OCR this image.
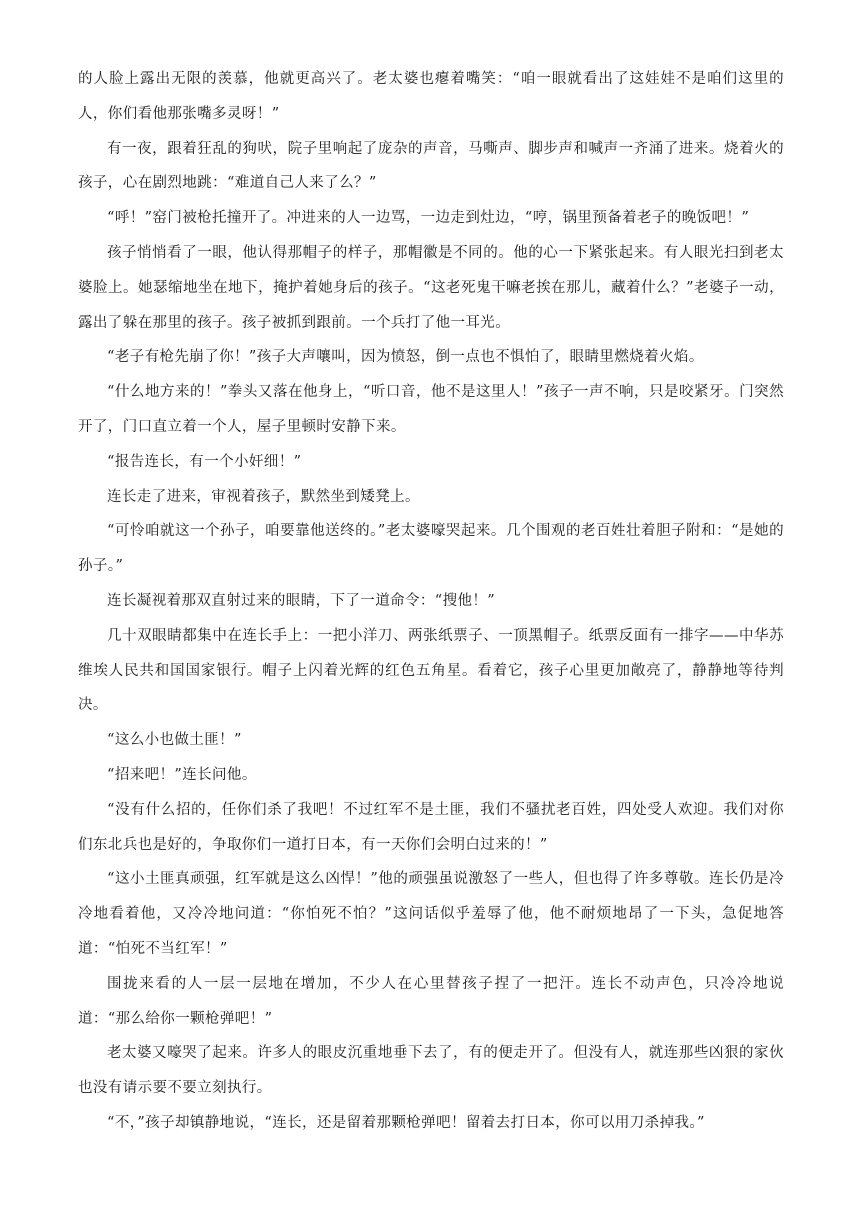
的人脸上露出无限的羡慕，他就更高兴了。老太婆也瘪着嘴笑：“咱一眼就看出了这娃娃不是咱们这里的人，你们看他那张嘴多灵呀！”

有一夜，跟着狂乱的狗吠，院子里响起了庞杂的声音，马嘶声、脚步声和喊声一齐涌了进来。烧着火的孩子，心在剧烈地跳：“难道自己人来了么？”

“呼！”窑门被枪托撞开了。冲进来的人一边骂，一边走到灶边，“哼，锅里预备着老子的晚饭吧！”

孩子悄悄看了一眼，他认得那帽子的样子，那帽徽是不同的。他的心一下紧张起来。有人眼光扫到老太婆脸上。她瑟缩地坐在地下，掩护着她身后的孩子。“这老死鬼干嘛老挨在那儿，藏着什么？”老婆子一动，露出了躲在那里的孩子。孩子被抓到跟前。一个兵打了他一耳光。

“老子有枪先崩了你！”孩子大声嚷叫，因为愤怒，倒一点也不惧怕了，眼睛里燃烧着火焰。

“什么地方来的！”拳头又落在他身上，“听口音，他不是这里人！”孩子一声不响，只是咬紧牙。门突然开了，门口直立着一个人，屋子里顿时安静下来。

“报告连长，有一个小奸细！”

连长走了进来，审视着孩子，默然坐到矮凳上。

“可怜咱就这一个孙子，咱要靠他送终的。”老太婆嚎哭起来。几个围观的老百姓壮着胆子附和：“是她的孙子。”

连长凝视着那双直射过来的眼睛，下了一道命令：“搜他！”

几十双眼睛都集中在连长手上：一把小洋刀、两张纸票子、一顶黑帽子。纸票反面有一排字——中华苏维埃人民共和国国家银行。帽子上闪着光辉的红色五角星。看着它，孩子心里更加敞亮了，静静地等待判决。

“这么小也做土匪！”

“招来吧！”连长问他。

“没有什么招的，任你们杀了我吧！不过红军不是土匪，我们不骚扰老百姓，四处受人欢迎。我们对你们东北兵也是好的，争取你们一道打日本，有一天你们会明白过来的！”

“这小土匪真顽强，红军就是这么凶悍！”他的顽强虽说激怒了一些人，但也得了许多尊敬。连长仍是冷冷地看着他，又冷冷地问道：“你怕死不怕？”这问话似乎羞辱了他，他不耐烦地昂了一下头，急促地答道：“怕死不当红军！”

围拢来看的人一层一层地在增加，不少人在心里替孩子捏了一把汗。连长不动声色，只冷冷地说道：“那么给你一颗枪弹吧！”

老太婆又嚎哭了起来。许多人的眼皮沉重地垂下去了，有的便走开了。但没有人，就连那些凶狠的家伙也没有请示要不要立刻执行。

“不，”孩子却镇静地说，“连长，还是留着那颗枪弹吧！留着去打日本，你可以用刀杀掉我。”
